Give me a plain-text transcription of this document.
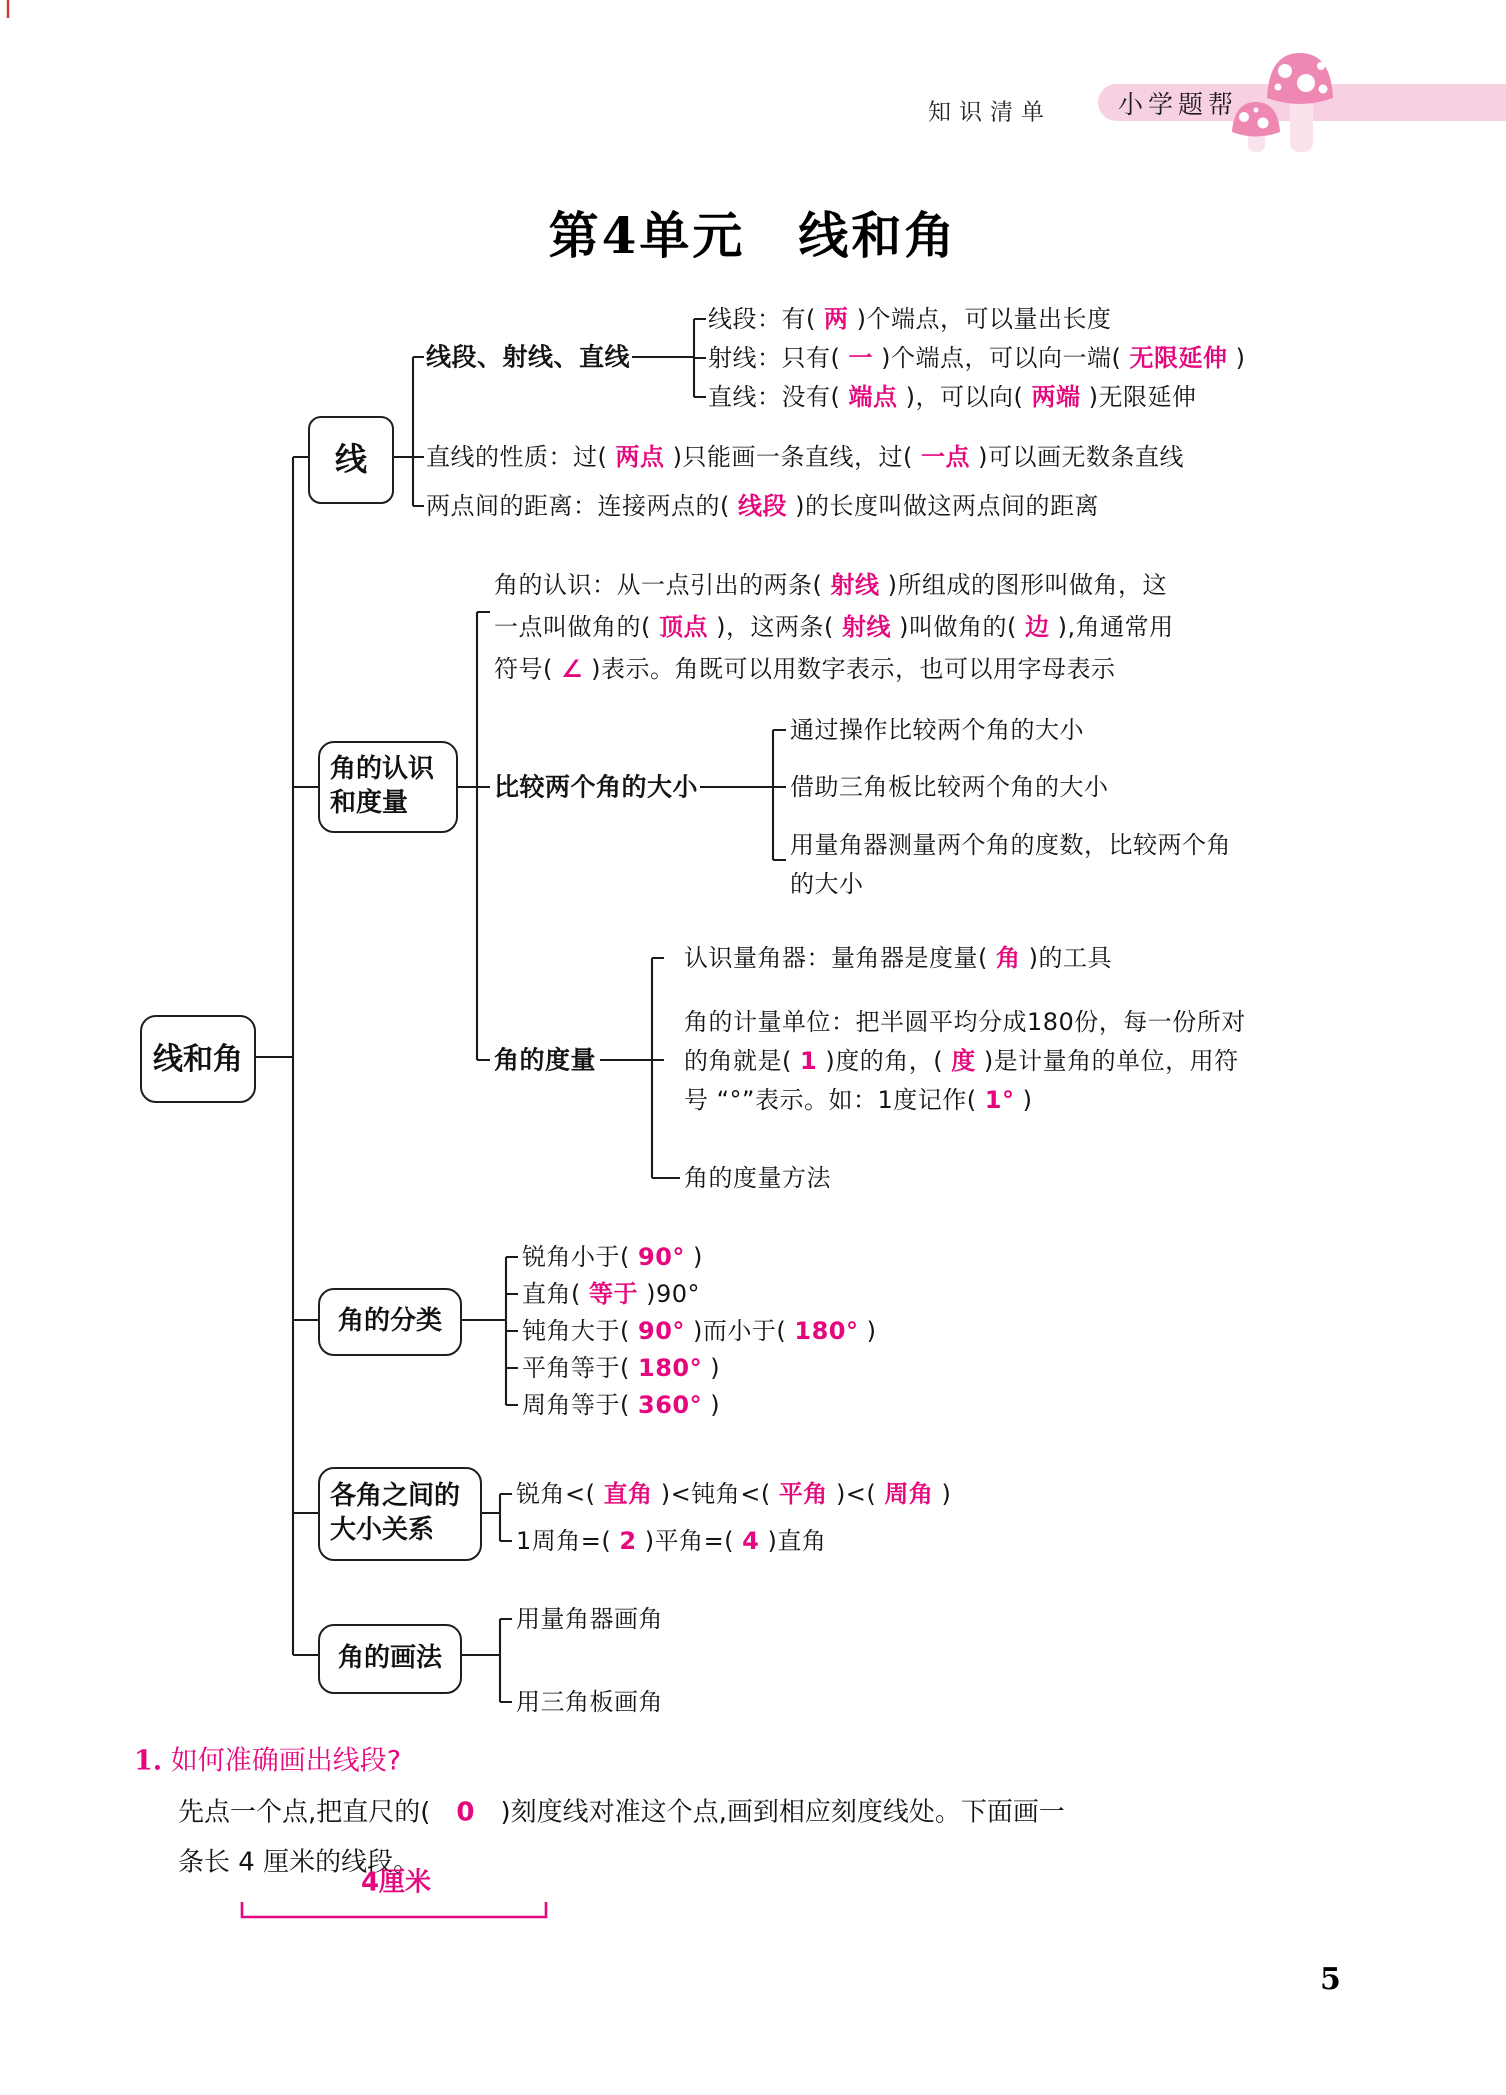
知识清单	小学题帮
第4单元　线和角
线和角
线
角的认识
和度量
角的分类
各角之间的
大小关系
角的画法
线段、射线、直线
线段：有( 两 )个端点，可以量出长度
射线：只有( 一 )个端点，可以向一端( 无限延伸 )
直线：没有( 端点 )，可以向( 两端 )无限延伸
直线的性质：过( 两点 )只能画一条直线，过( 一点 )可以画无数条直线
两点间的距离：连接两点的( 线段 )的长度叫做这两点间的距离
角的认识：从一点引出的两条( 射线 )所组成的图形叫做角，这
一点叫做角的( 顶点 )，这两条( 射线 )叫做角的( 边 ),角通常用
符号( ∠ )表示。角既可以用数字表示，也可以用字母表示
比较两个角的大小
通过操作比较两个角的大小
借助三角板比较两个角的大小
用量角器测量两个角的度数，比较两个角
的大小
角的度量
认识量角器：量角器是度量( 角 )的工具
角的计量单位：把半圆平均分成180份，每一份所对
的角就是( 1 )度的角，( 度 )是计量角的单位，用符
号 “°”表示。如：1度记作( 1° )
角的度量方法
锐角小于( 90° )
直角( 等于 )90°
钝角大于( 90° )而小于( 180° )
平角等于( 180° )
周角等于( 360° )
锐角<( 直角 )<钝角<( 平角 )<( 周角 )
1周角=( 2 )平角=( 4 )直角
用量角器画角
用三角板画角
1. 如何准确画出线段?
先点一个点,把直尺的(　0　)刻度线对准这个点,画到相应刻度线处。下面画一
条长 4 厘米的线段。
4厘米
5
